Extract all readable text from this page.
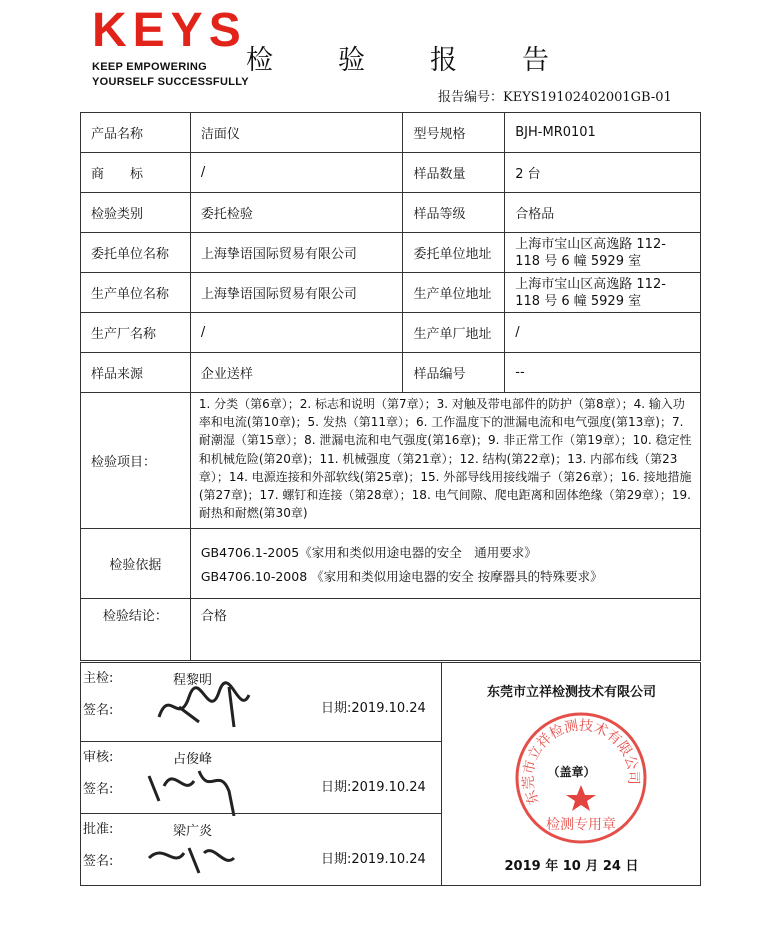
KEYS
KEEP EMPOWERING
YOURSELF SUCCESSFULLY
检 验 报 告
报告编号：KEYS19102402001GB-01
产品名称	洁面仪	型号规格	BJH-MR0101
商　　标	/	样品数量	2 台
检验类别	委托检验	样品等级	合格品
委托单位名称	上海挚语国际贸易有限公司	委托单位地址	上海市宝山区高逸路 112-118 号 6 幢 5929 室
生产单位名称	上海挚语国际贸易有限公司	生产单位地址	上海市宝山区高逸路 112-118 号 6 幢 5929 室
生产厂名称	/	生产单厂地址	/
样品来源	企业送样	样品编号	--
检验项目：	1. 分类（第6章）；2. 标志和说明（第7章）；3. 对触及带电部件的防护（第8章）；4. 输入功率和电流(第10章)；5. 发热（第11章）；6. 工作温度下的泄漏电流和电气强度(第13章)；7. 耐潮湿（第15章）；8. 泄漏电流和电气强度(第16章)；9. 非正常工作（第19章）；10. 稳定性和机械危险(第20章)；11. 机械强度（第21章）；12. 结构(第22章)；13. 内部布线（第23章）；14. 电源连接和外部软线(第25章)；15. 外部导线用接线端子（第26章）；16. 接地措施(第27章)；17. 螺钉和连接（第28章）；18. 电气间隙、爬电距离和固体绝缘（第29章）；19. 耐热和耐燃(第30章)		
检验依据	GB4706.1-2005《家用和类似用途电器的安全　通用要求》
GB4706.10-2008 《家用和类似用途电器的安全 按摩器具的特殊要求》		

检验结论：	合格		
主检:	程黎明
签名:	日期:2019.10.24
审核:	占俊峰
签名:	日期:2019.10.24
批准:	梁广炎
签名:	日期:2019.10.24
东莞市立祥检测技术有限公司
东莞市立祥检测技术有限公司
检测专用章
（盖章）
2019 年 10 月 24 日
